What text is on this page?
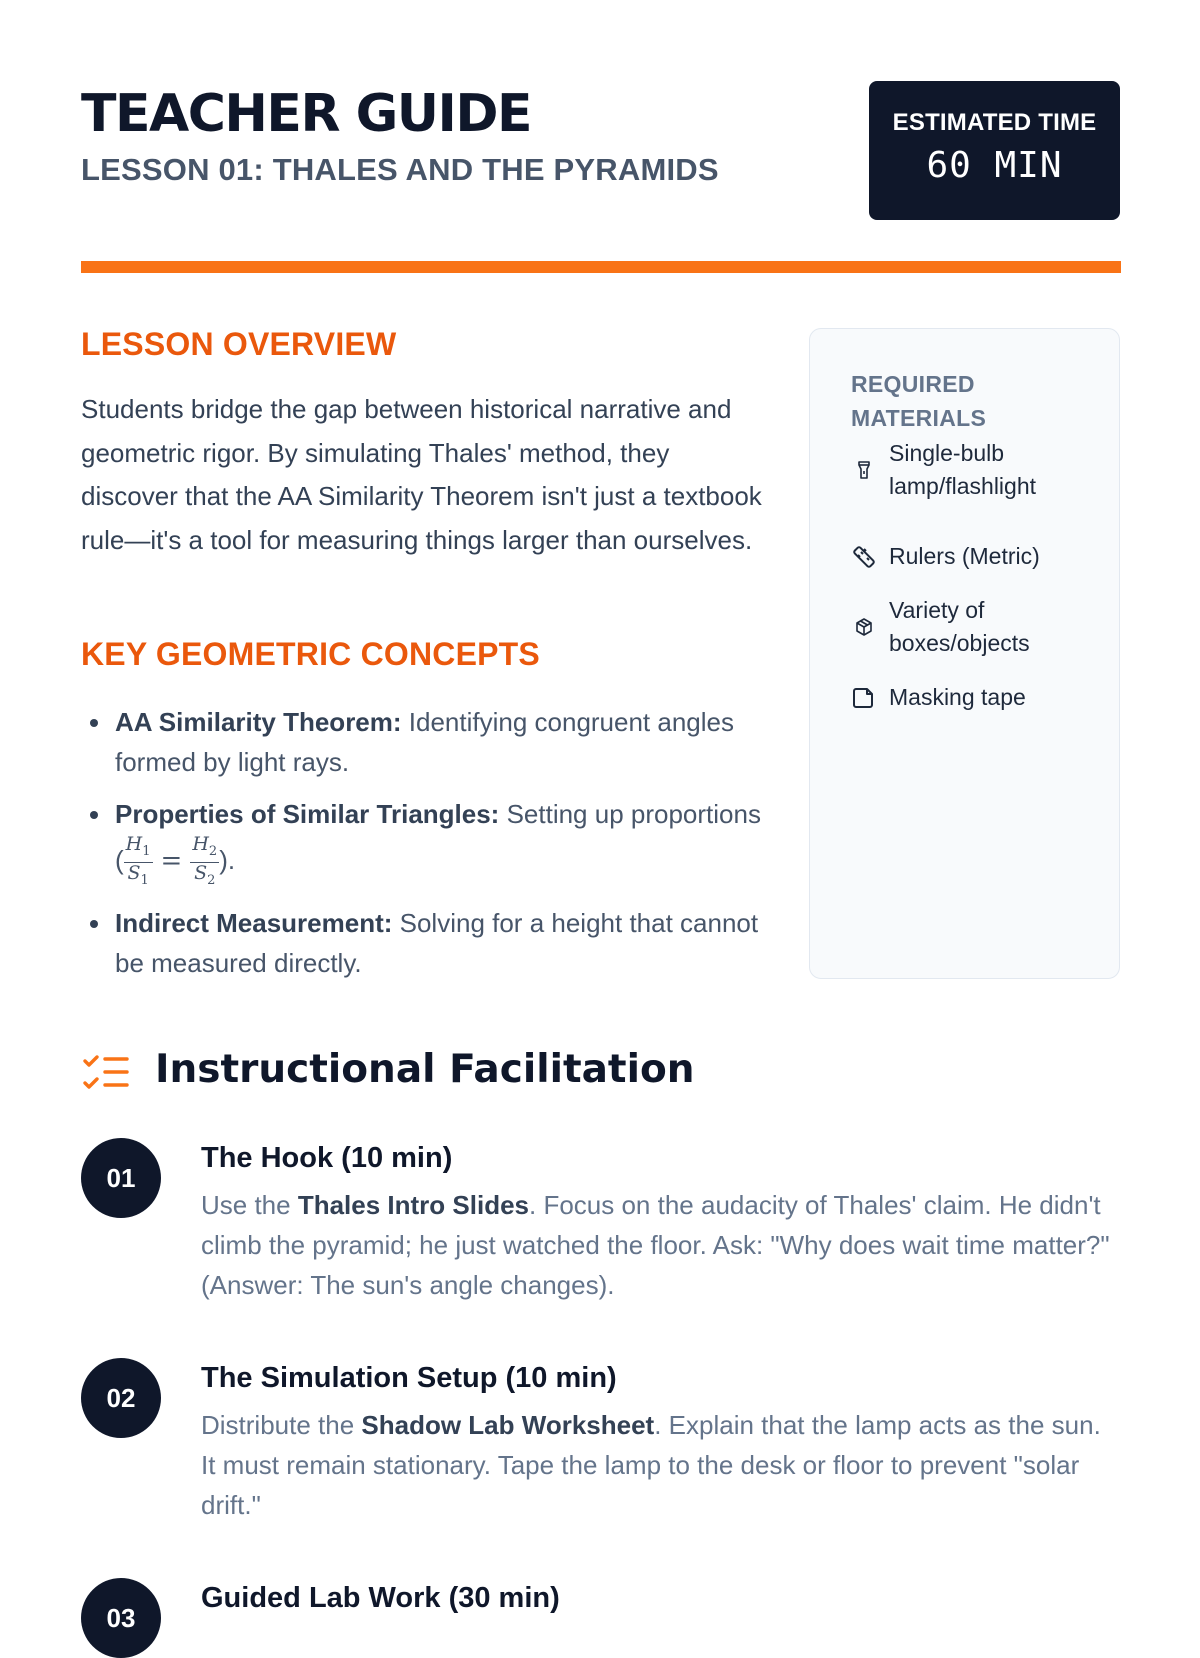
TEACHER GUIDE
LESSON 01: THALES AND THE PYRAMIDS
ESTIMATED TIME
60 MIN
LESSON OVERVIEW

Students bridge the gap between historical narrative and geometric rigor. By simulating Thales' method, they discover that the AA Similarity Theorem isn't just a textbook rule—it's a tool for measuring things larger than ourselves.

KEY GEOMETRIC CONCEPTS
AA Similarity Theorem: Identifying congruent angles formed by light rays.
Properties of Similar Triangles: Setting up proportions ( $\frac{H_1}{S_1} = \frac{H_2}{S_2}$ ).
Indirect Measurement: Solving for a height that cannot be measured directly.
REQUIRED MATERIALS
Single-bulb lamp/flashlight
Rulers (Metric)
Variety of boxes/objects
Masking tape
Instructional Facilitation
01
The Hook (10 min)

Use the Thales Intro Slides. Focus on the audacity of Thales' claim. He didn't climb the pyramid; he just watched the floor. Ask: "Why does wait time matter?" (Answer: The sun's angle changes).

02
The Simulation Setup (10 min)

Distribute the Shadow Lab Worksheet. Explain that the lamp acts as the sun. It must remain stationary. Tape the lamp to the desk or floor to prevent "solar drift."

03
Guided Lab Work (30 min)
